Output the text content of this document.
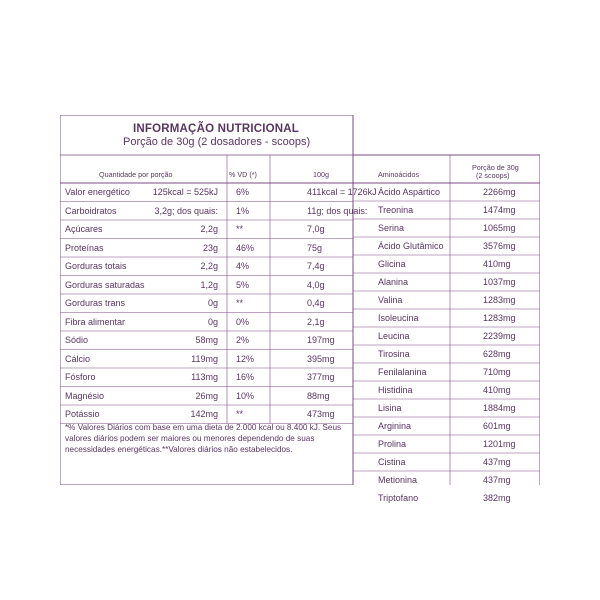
INFORMAÇÃO NUTRICIONAL
Porção de 30g (2 dosadores - scoops)
Quantidade por porção	% VD (*)	100g	Aminoácidos
Porção de 30g
(2 scoops)
Valor energético	125kcal = 525kJ 6%	411kcal = 1726kJ
Carboidratos	3,2g; dos quais: 1%	11g; dos quais:
Açúcares	2,2g **	7,0g
Proteínas	23g 46%	75g
Gorduras totais	2,2g 4%	7,4g
Gorduras saturadas	1,2g 5%	4,0g
Gorduras trans	0g **	0,4g
Fibra alimentar	0g 0%	2,1g
Sódio	58mg 2%	197mg
Cálcio	119mg 12%	395mg
Fósforo	113mg 16%	377mg
Magnésio	26mg 10%	88mg
Potássio	142mg **	473mg
Ácido Aspártico	2266mg
Treonina	1474mg
Serina	1065mg
Ácido Glutâmico	3576mg
Glicina	410mg
Alanina	1037mg
Valina	1283mg
Isoleucina	1283mg
Leucina	2239mg
Tirosina	628mg
Fenilalanina	710mg
Histidina	410mg
Lisina	1884mg
Arginina	601mg
Prolina	1201mg
Cistina	437mg
Metionina	437mg
Triptofano	382mg
*% Valores Diários com base em uma dieta de 2.000 kcal ou 8.400 kJ. Seus valores diários podem ser maiores ou menores dependendo de suas necessidades energéticas.**Valores diários não estabelecidos.
